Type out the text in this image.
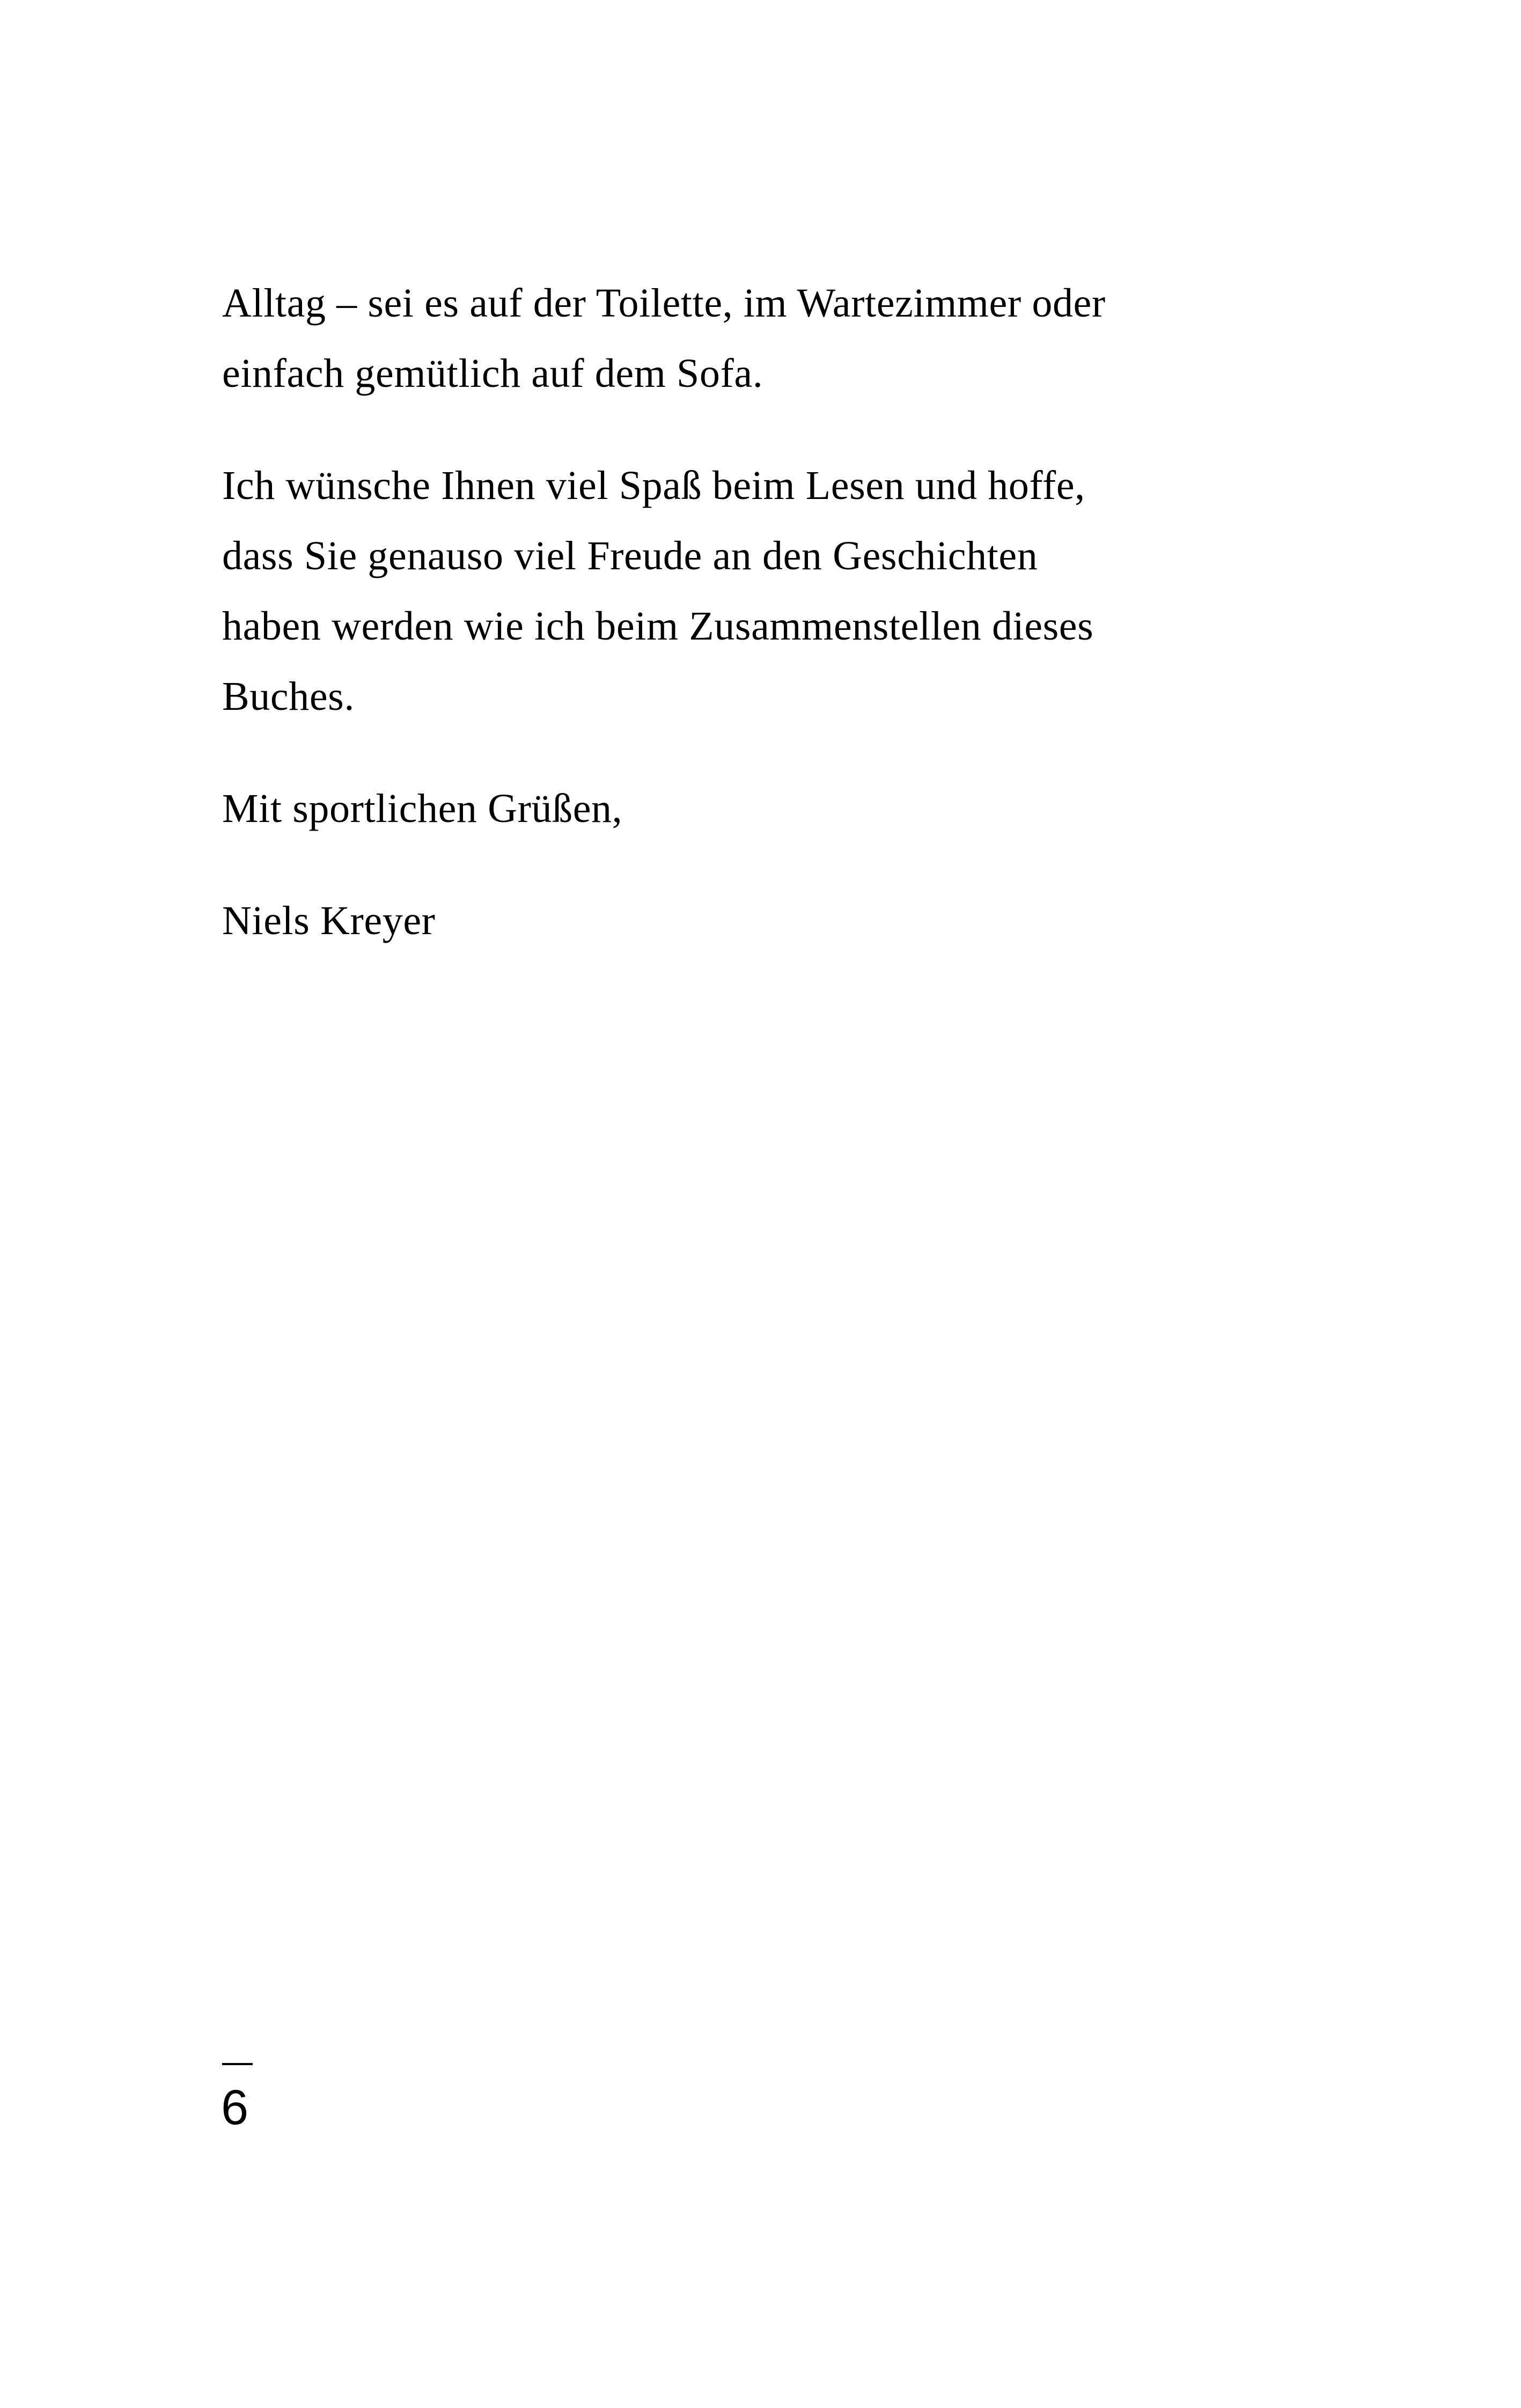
Alltag – sei es auf der Toilette, im Wartezimmer oder
einfach gemütlich auf dem Sofa.

Ich wünsche Ihnen viel Spaß beim Lesen und hoffe,
dass Sie genauso viel Freude an den Geschichten
haben werden wie ich beim Zusammenstellen dieses
Buches.

Mit sportlichen Grüßen,

Niels Kreyer

6
